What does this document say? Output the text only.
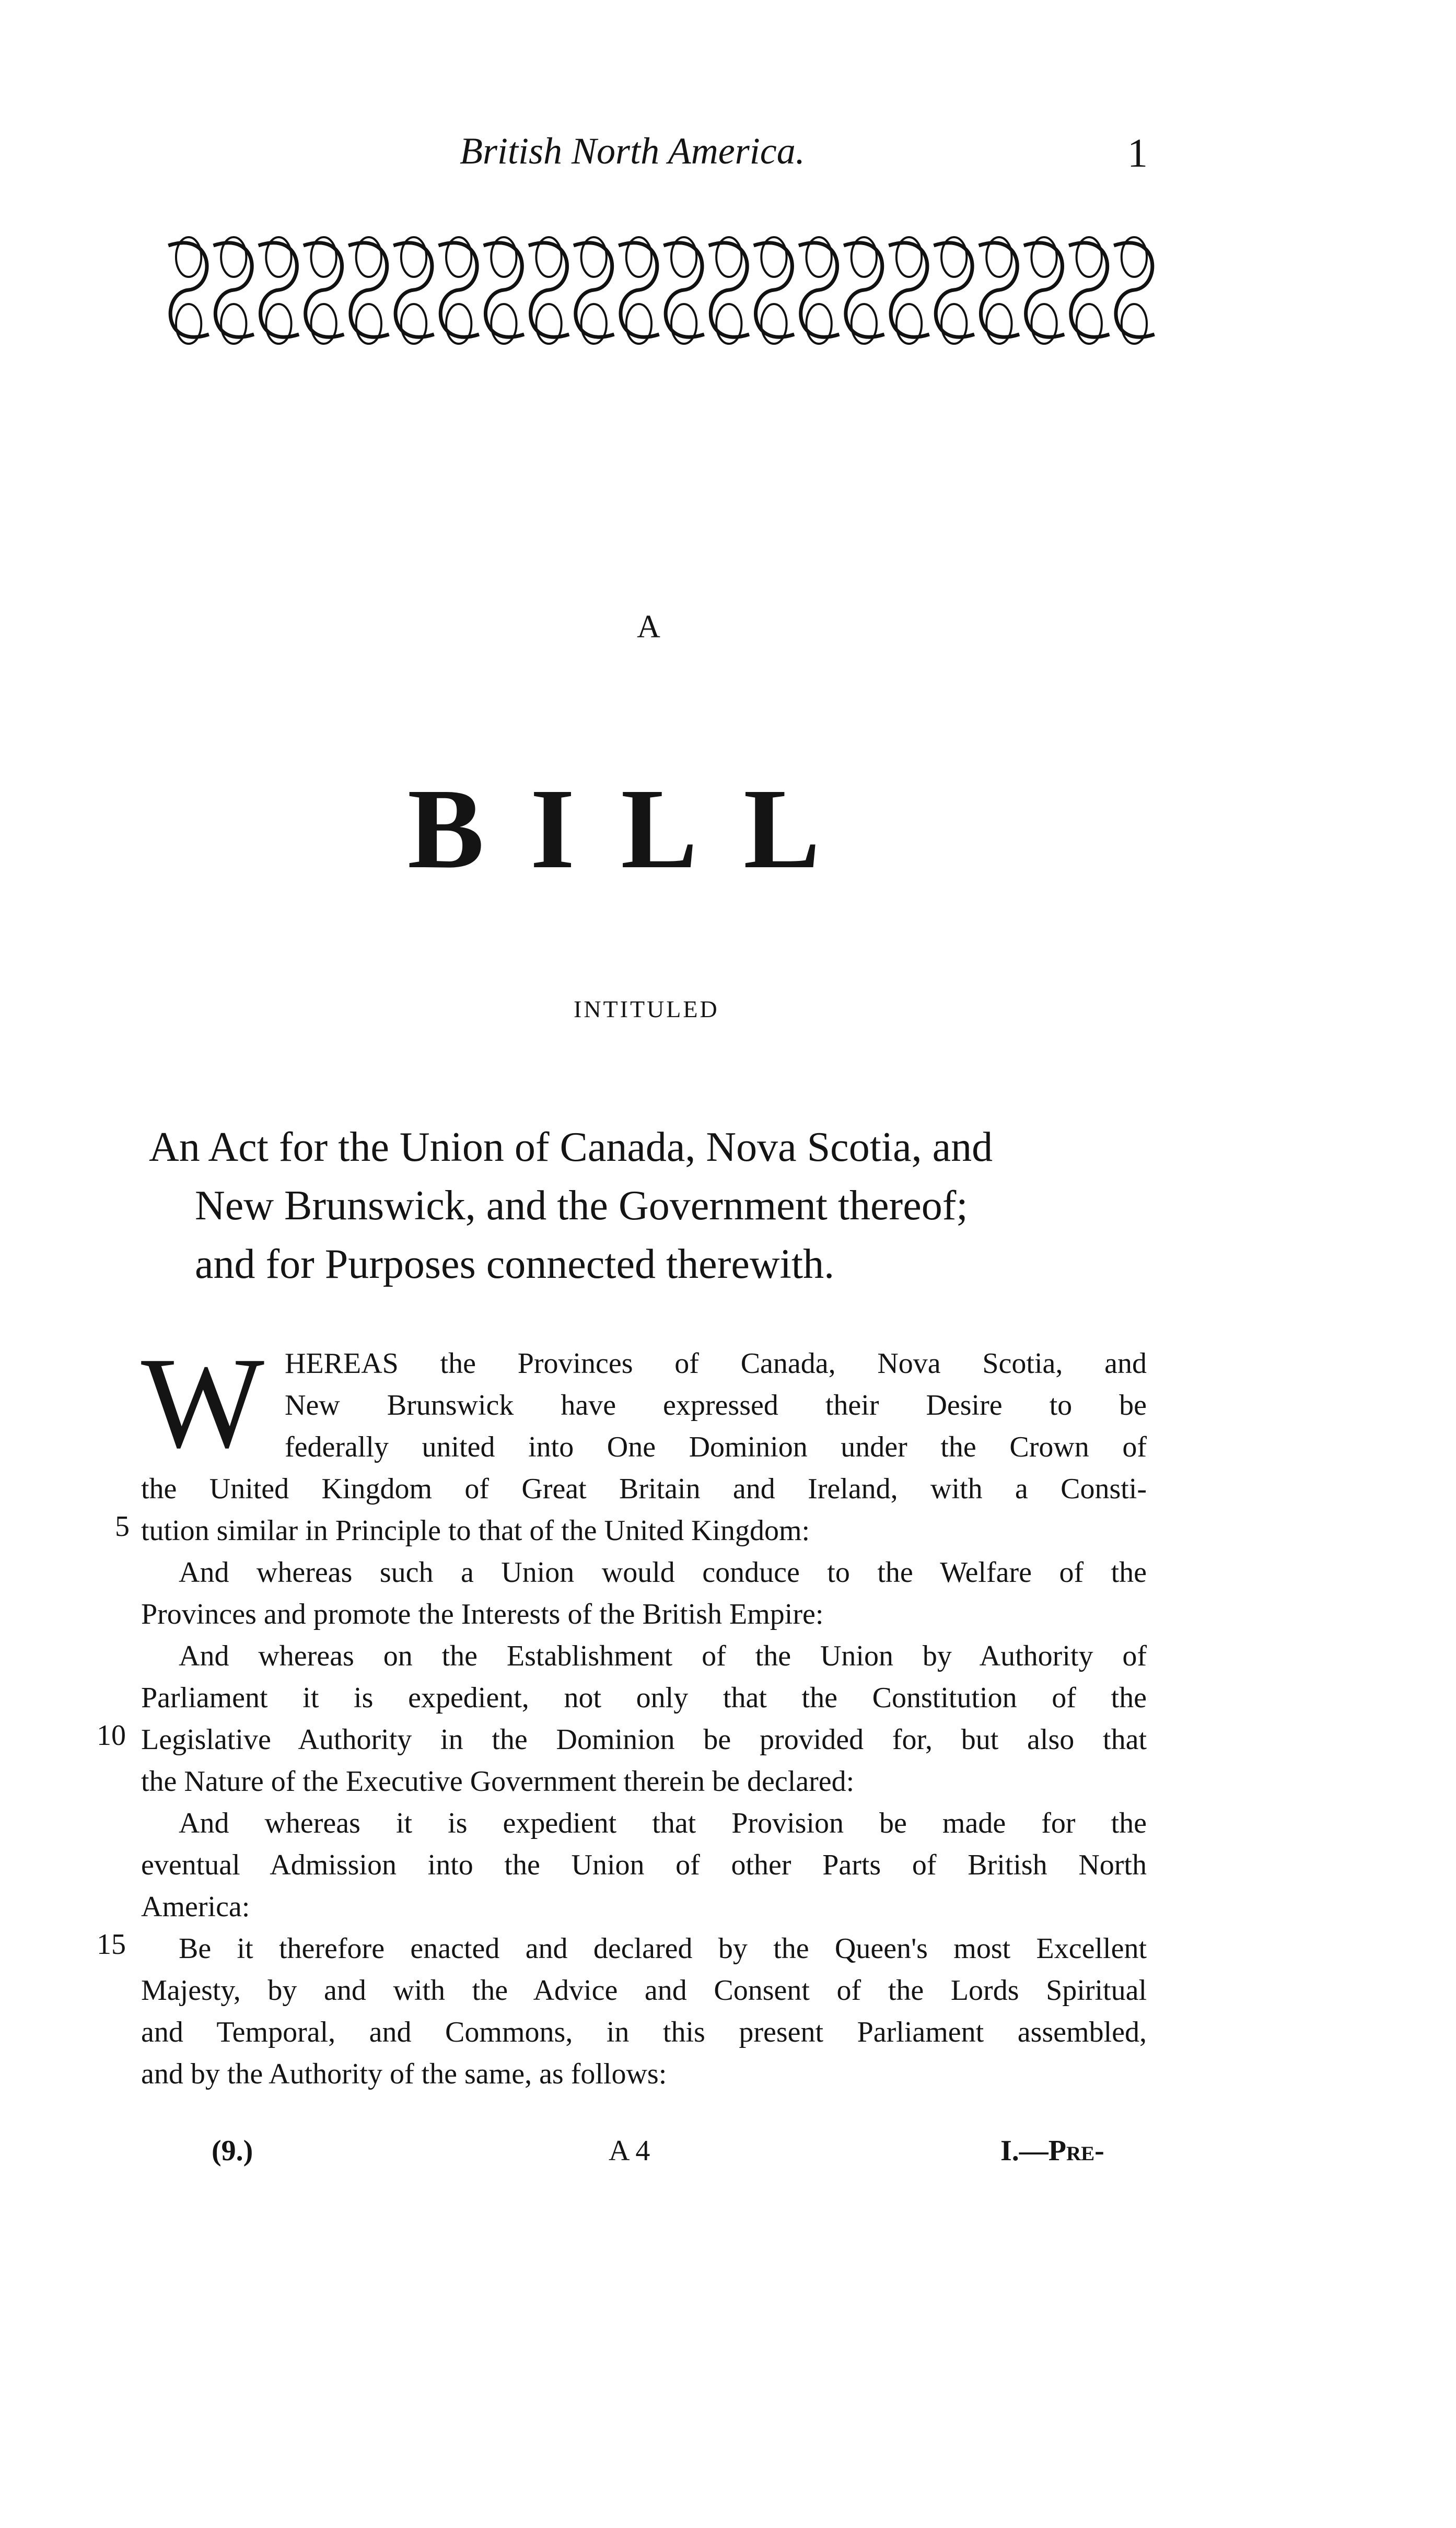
British North America.	1
A
BILL
INTITULED
An Act for the Union of Canada, Nova Scotia, and
New Brunswick, and the Government thereof;
and for Purposes connected therewith.
W HEREAS the Provinces of Canada, Nova Scotia, and
New Brunswick have expressed their Desire to be
federally united into One Dominion under the Crown of
the United Kingdom of Great Britain and Ireland, with a Consti-
tution similar in Principle to that of the United Kingdom:
And whereas such a Union would conduce to the Welfare of the
Provinces and promote the Interests of the British Empire:
And whereas on the Establishment of the Union by Authority of
Parliament it is expedient, not only that the Constitution of the
Legislative Authority in the Dominion be provided for, but also that
the Nature of the Executive Government therein be declared:
And whereas it is expedient that Provision be made for the
eventual Admission into the Union of other Parts of British North
America:
Be it therefore enacted and declared by the Queen's most Excellent
Majesty, by and with the Advice and Consent of the Lords Spiritual
and Temporal, and Commons, in this present Parliament assembled,
and by the Authority of the same, as follows:
5
10
15
(9.)	A 4	I.—Pre-
